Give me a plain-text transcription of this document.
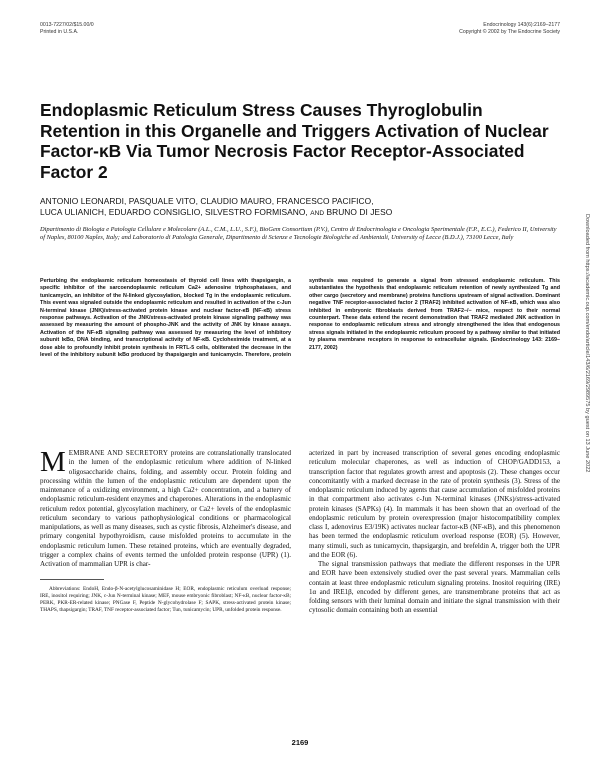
0013-7227/02/$15.00/0
Printed in U.S.A.
Endocrinology 143(6):2169–2177
Copyright © 2002 by The Endocrine Society
Endoplasmic Reticulum Stress Causes Thyroglobulin Retention in this Organelle and Triggers Activation of Nuclear Factor-κB Via Tumor Necrosis Factor Receptor-Associated Factor 2
ANTONIO LEONARDI, PASQUALE VITO, CLAUDIO MAURO, FRANCESCO PACIFICO,
LUCA ULIANICH, EDUARDO CONSIGLIO, SILVESTRO FORMISANO, AND BRUNO DI JESO
Dipartimento di Biologia e Patologia Cellulare e Molecolare (A.L., C.M., L.U., S.F.), BioGem Consortium (P.V.), Centro di Endocrinologia e Oncologia Sperimentale (F.P., E.C.), Federico II, University of Naples, 80100 Naples, Italy; and Laboratorio di Patologia Generale, Dipartimento di Scienze e Tecnologie Biologiche ed Ambientali, University of Lecce (B.D.J.), 73100 Lecce, Italy

Perturbing the endoplasmic reticulum homeostasis of thyroid cell lines with thapsigargin, a specific inhibitor of the sarcoendoplasmic reticulum Ca2+ adenosine triphosphatases, and tunicamycin, an inhibitor of the N-linked glycosylation, blocked Tg in the endoplasmic reticulum. This event was signaled outside the endoplasmic reticulum and resulted in activation of the c-Jun N-terminal kinase (JNK)/stress-activated protein kinase and nuclear factor-κB (NF-κB) stress response pathways. Activation of the JNK/stress-activated protein kinase signaling pathway was assessed by measuring the amount of phospho-JNK and the activity of JNK by kinase assays. Activation of the NF-κB signaling pathway was assessed by measuring the level of inhibitory subunit IκBα, DNA binding, and transcriptional activity of NF-κB. Cycloheximide treatment, at a dose able to profoundly inhibit protein synthesis in FRTL-5 cells, obliterated the decrease in the level of the inhibitory subunit IκBα produced by thapsigargin and tunicamycin. Therefore, protein synthesis was required to generate a signal from stressed endoplasmic reticulum. This substantiates the hypothesis that endoplasmic reticulum retention of newly synthesized Tg and other cargo (secretory and membrane) proteins functions upstream of signal activation. Dominant negative TNF receptor-associated factor 2 (TRAF2) inhibited activation of NF-κB, which was also inhibited in embryonic fibroblasts derived from TRAF2−/− mice, respect to their normal counterpart. These data extend the recent demonstration that TRAF2 mediated JNK activation in response to endoplasmic reticulum stress and strongly strengthened the idea that endogenous stress signals initiated in the endoplasmic reticulum proceed by a pathway similar to that initiated by plasma membrane receptors in response to extracellular signals. (Endocrinology 143: 2169–2177, 2002)

MEMBRANE AND SECRETORY proteins are cotranslationally translocated in the lumen of the endoplasmic reticulum where addition of N-linked oligosaccharide chains, folding, and assembly occur. Protein folding and processing within the lumen of the endoplasmic reticulum are dependent upon the maintenance of a oxidizing environment, a high Ca2+ concentration, and a battery of endoplasmic reticulum-resident enzymes and chaperones. Alterations in the endoplasmic reticulum redox potential, glycosylation machinery, or Ca2+ levels of the endoplasmic reticulum secondary to various pathophysiological conditions or pharmacological manipulations, as well as many diseases, such as cystic fibrosis, Alzheimer's disease, and primary congenital hypothyroidism, cause misfolded proteins to accumulate in the endoplasmic reticulum lumen. These retained proteins, which are eventually degraded, trigger a complex chains of events termed the unfolded protein response (UPR) (1). Activation of mammalian UPR is char-

Abbreviations: EndoH, Endo-β-N-acetylglucosaminidase H; EOR, endoplasmic reticulum overload response; IRE, inositol requiring; JNK, c-Jun N-terminal kinase; MEF, mouse embryonic fibroblast; NF-κB, nuclear factor-κB; PERK, PKR-ER-related kinase; PNGase F, Peptide N-glycohydrolase F; SAPK, stress-activated protein kinase; THAPS, thapsigargin; TRAF, TNF receptor-associated factor; Tun, tunicamycin; UPR, unfolded protein response.

acterized in part by increased transcription of several genes encoding endoplasmic reticulum molecular chaperones, as well as induction of CHOP/GADD153, a transcription factor that regulates growth arrest and apoptosis (2). These changes occur concomitantly with a marked decrease in the rate of protein synthesis (3). Stress of the endoplasmic reticulum induced by agents that cause accumulation of misfolded proteins in that compartment also activates c-Jun N-terminal kinases (JNKs)/stress-activated protein kinases (SAPKs) (4). In mammals it has been shown that an overload of the endoplasmic reticulum by protein overexpression (major histocompatibility complex class I, adenovirus E3/19K) activates nuclear factor-κB (NF-κB), and this phenomenon has been termed the endoplasmic reticulum overload response (EOR) (5). However, many stimuli, such as tunicamycin, thapsigargin, and brefeldin A, trigger both the UPR and the EOR (6).

The signal transmission pathways that mediate the different responses in the UPR and EOR have been extensively studied over the past several years. Mammalian cells contain at least three endoplasmic reticulum signaling proteins. Inositol requiring (IRE) 1α and IRE1β, encoded by different genes, are transmembrane proteins that act as folding sensors with their luminal domain and initiate the signal transmission with their cytosolic domain containing both an essential

2169
Downloaded from https://academic.oup.com/endo/article/143/6/2169/2989575 by guest on 13 June 2022
